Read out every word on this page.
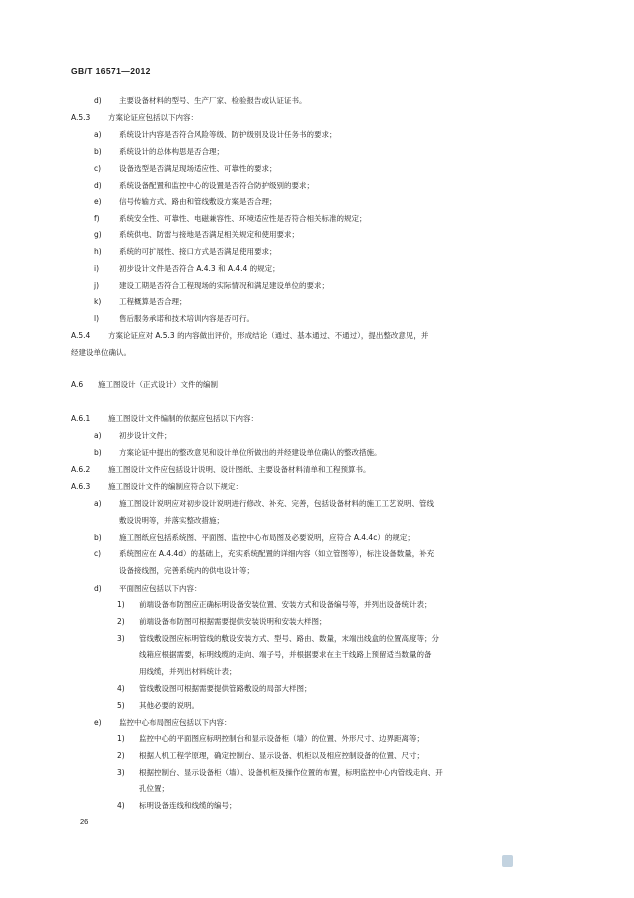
GB/T 16571—2012
d) 主要设备材料的型号、生产厂家、检验报告或认证证书。
A.5.3 方案论证应包括以下内容：
a) 系统设计内容是否符合风险等级、防护级别及设计任务书的要求；
b) 系统设计的总体构思是否合理；
c) 设备选型是否满足现场适应性、可靠性的要求；
d) 系统设备配置和监控中心的设置是否符合防护级别的要求；
e) 信号传输方式、路由和管线敷设方案是否合理；
f)	系统安全性、可靠性、电磁兼容性、环境适应性是否符合相关标准的规定；
g) 系统供电、防雷与接地是否满足相关规定和使用要求；
h) 系统的可扩展性、接口方式是否满足使用要求；
i)	初步设计文件是否符合 A.4.3 和 A.4.4 的规定；
j)	建设工期是否符合工程现场的实际情况和满足建设单位的要求；
k) 工程概算是否合理；
l)	售后服务承诺和技术培训内容是否可行。
A.5.4 方案论证应对 A.5.3 的内容做出评价，形成结论（通过、基本通过、不通过），提出整改意见，并
经建设单位确认。
A.6 施工图设计（正式设计）文件的编制
A.6.1 施工图设计文件编制的依据应包括以下内容：
a) 初步设计文件；
b) 方案论证中提出的整改意见和设计单位所做出的并经建设单位确认的整改措施。
A.6.2 施工图设计文件应包括设计说明、设计图纸、主要设备材料清单和工程预算书。
A.6.3 施工图设计文件的编制应符合以下规定：
a) 施工图设计说明应对初步设计说明进行修改、补充、完善，包括设备材料的施工工艺说明、管线
敷设说明等，并落实整改措施；
b) 施工图纸应包括系统图、平面图、监控中心布局图及必要说明，应符合 A.4.4c）的规定；
c) 系统图应在 A.4.4d）的基础上，充实系统配置的详细内容（如立管图等），标注设备数量，补充
设备接线图，完善系统内的供电设计等；
d) 平面图应包括以下内容：
1) 前端设备布防图应正确标明设备安装位置、安装方式和设备编号等，并列出设备统计表；
2) 前端设备布防图可根据需要提供安装说明和安装大样图；
3) 管线敷设图应标明管线的敷设安装方式、型号、路由、数量，末端出线盒的位置高度等；分
线箱应根据需要，标明线缆的走向、端子号，并根据要求在主干线路上预留适当数量的备
用线缆，并列出材料统计表；
4) 管线敷设图可根据需要提供管路敷设的局部大样图；
5) 其他必要的说明。
e) 监控中心布局图应包括以下内容：
1) 监控中心的平面图应标明控制台和显示设备柜（墙）的位置、外形尺寸、边界距离等；
2) 根据人机工程学原理，确定控制台、显示设备、机柜以及相应控制设备的位置、尺寸；
3) 根据控制台、显示设备柜（墙）、设备机柜及操作位置的布置，标明监控中心内管线走向、开
孔位置；
4) 标明设备连线和线缆的编号；
26
